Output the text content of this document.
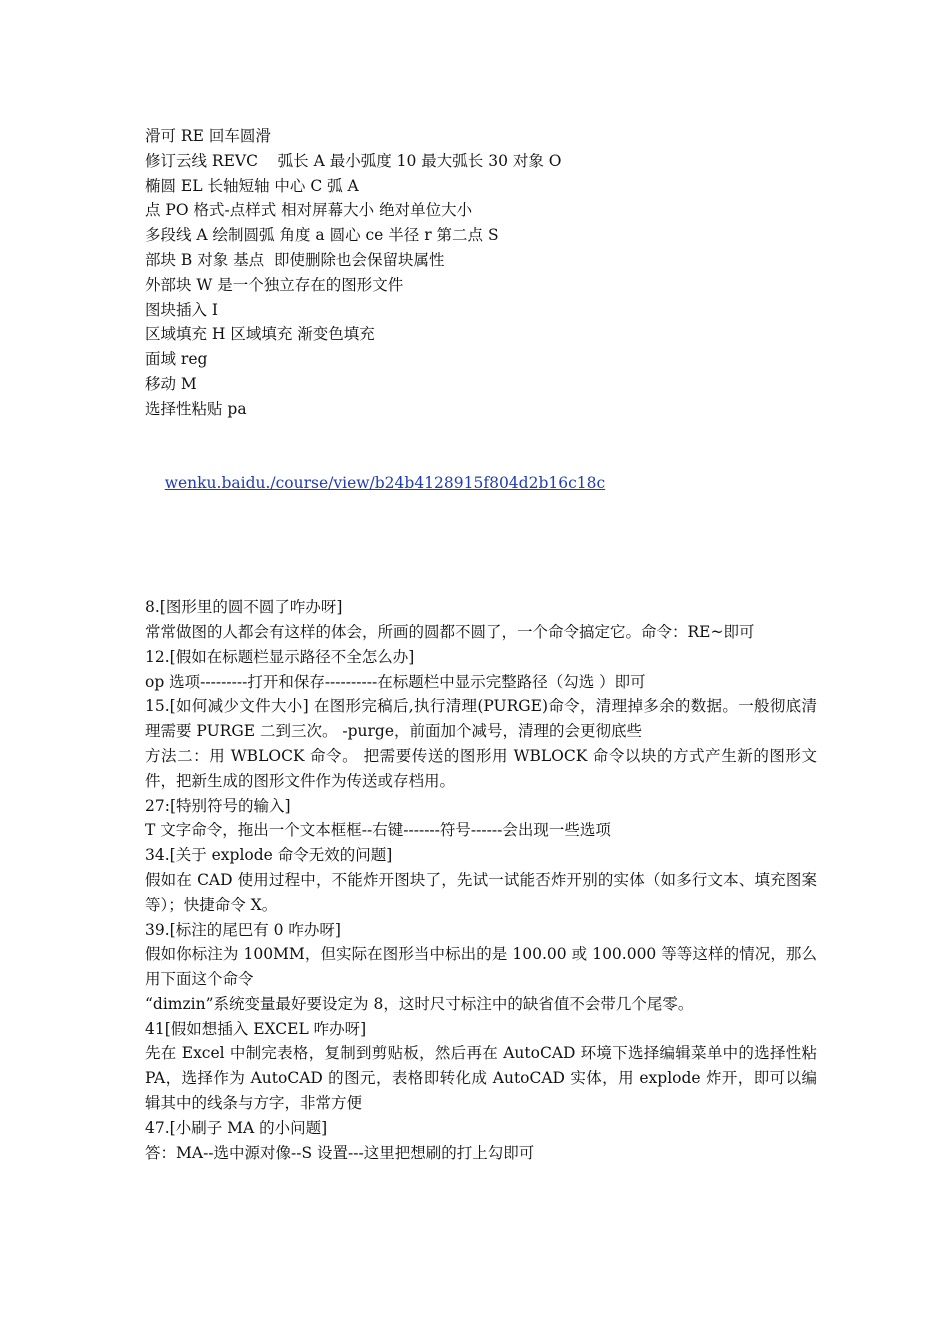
滑可 RE 回车圆滑

修订云线 REVC    弧长 A 最小弧度 10 最大弧长 30 对象 O

椭圆 EL 长轴短轴 中心 C 弧 A

点 PO 格式-点样式 相对屏幕大小 绝对单位大小

多段线 A 绘制圆弧 角度 a 圆心 ce 半径 r 第二点 S

部块 B 对象 基点  即使删除也会保留块属性

外部块 W 是一个独立存在的图形文件

图块插入 I

区域填充 H 区域填充 渐变色填充

面域 reg

移动 M

选择性粘贴 pa

wenku.baidu./course/view/b24b4128915f804d2b16c18c

8.[图形里的圆不圆了咋办呀]

常常做图的人都会有这样的体会，所画的圆都不圆了，一个命令搞定它。命令：RE~即可

12.[假如在标题栏显示路径不全怎么办]

op 选项---------打开和保存----------在标题栏中显示完整路径（勾选 ）即可

15.[如何减少文件大小] 在图形完稿后,执行清理(PURGE)命令，清理掉多余的数据。一般彻底清理需要 PURGE 二到三次。 -purge，前面加个减号，清理的会更彻底些

方法二：用 WBLOCK 命令。 把需要传送的图形用 WBLOCK 命令以块的方式产生新的图形文件，把新生成的图形文件作为传送或存档用。

27:[特别符号的输入]

T 文字命令，拖出一个文本框框--右键-------符号------会出现一些选项

34.[关于 explode 命令无效的问题]

假如在 CAD 使用过程中，不能炸开图块了，先试一试能否炸开别的实体（如多行文本、填充图案等）；快捷命令 X。

39.[标注的尾巴有 0 咋办呀]

假如你标注为 100MM，但实际在图形当中标出的是 100.00 或 100.000 等等这样的情况，那么用下面这个命令

“dimzin”系统变量最好要设定为 8，这时尺寸标注中的缺省值不会带几个尾零。

41[假如想插入 EXCEL 咋办呀]

先在 Excel 中制完表格，复制到剪贴板，然后再在 AutoCAD 环境下选择编辑菜单中的选择性粘 PA，选择作为 AutoCAD 的图元，表格即转化成 AutoCAD 实体，用 explode 炸开，即可以编辑其中的线条与方字，非常方便

47.[小刷子 MA 的小问题]

答：MA--选中源对像--S 设置---这里把想刷的打上勾即可
